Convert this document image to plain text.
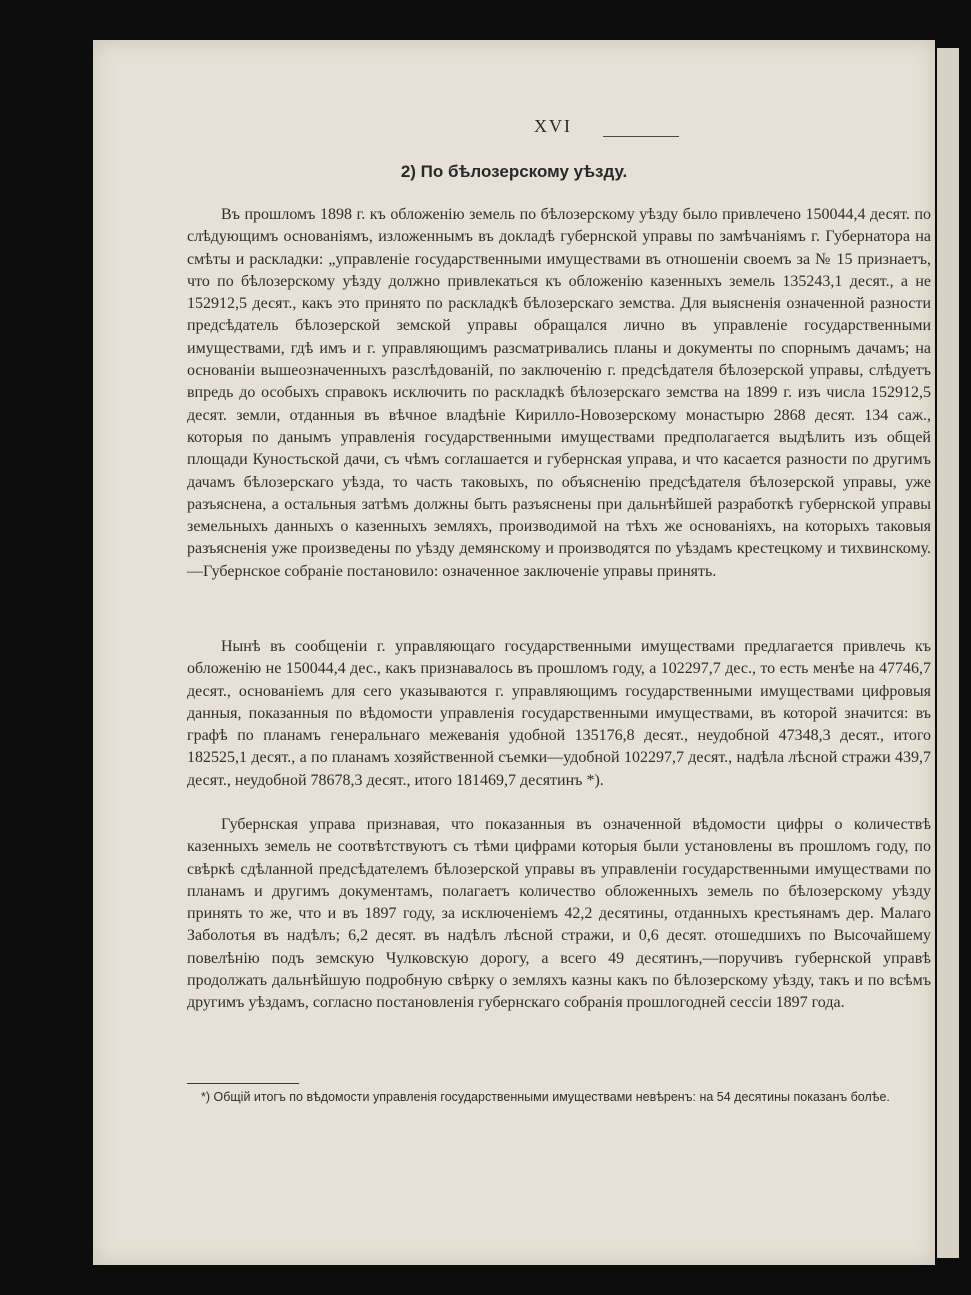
XVI
2) По бѣлозерскому уѣзду.

Въ прошломъ 1898 г. къ обложенію земель по бѣлозерскому уѣзду было привлечено 150044,4 десят. по слѣдующимъ основаніямъ, изложеннымъ въ докладѣ губернской управы по замѣчаніямъ г. Губернатора на смѣты и раскладки: „управленіе государственными имуществами въ отношеніи своемъ за № 15 признаетъ, что по бѣлозерскому уѣзду должно привлекаться къ обложенію казенныхъ земель 135243,1 десят., а не 152912,5 десят., какъ это принято по раскладкѣ бѣлозерскаго земства. Для выясненія означенной разности предсѣдатель бѣлозерской земской управы обращался лично въ управленіе государственными имуществами, гдѣ имъ и г. управляющимъ разсматривались планы и документы по спорнымъ дачамъ; на основаніи вышеозначенныхъ разслѣдованій, по заключенію г. предсѣдателя бѣлозерской управы, слѣдуетъ впредь до особыхъ справокъ исключить по раскладкѣ бѣлозерскаго земства на 1899 г. изъ числа 152912,5 десят. земли, отданныя въ вѣчное владѣніе Кирилло-Новозерскому монастырю 2868 десят. 134 саж., которыя по данымъ управленія государственными имуществами предполагается выдѣлить изъ общей площади Куностьской дачи, съ чѣмъ соглашается и губернская управа, и что касается разности по другимъ дачамъ бѣлозерскаго уѣзда, то часть таковыхъ, по объясненію предсѣдателя бѣлозерской управы, уже разъяснена, а остальныя затѣмъ должны быть разъяснены при дальнѣйшей разработкѣ губернской управы земельныхъ данныхъ о казенныхъ земляхъ, производимой на тѣхъ же основаніяхъ, на которыхъ таковыя разъясненія уже произведены по уѣзду демянскому и производятся по уѣздамъ крестецкому и тихвинскому.—Губернское собраніе постановило: означенное заключеніе управы принять.

Нынѣ въ сообщеніи г. управляющаго государственными имуществами предлагается привлечь къ обложенію не 150044,4 дес., какъ признавалось въ прошломъ году, а 102297,7 дес., то есть менѣе на 47746,7 десят., основаніемъ для сего указываются г. управляющимъ государственными имуществами цифровыя данныя, показанныя по вѣдомости управленія государственными имуществами, въ которой значится: въ графѣ по планамъ генеральнаго межеванія удобной 135176,8 десят., неудобной 47348,3 десят., итого 182525,1 десят., а по планамъ хозяйственной съемки—удобной 102297,7 десят., надѣла лѣсной стражи 439,7 десят., неудобной 78678,3 десят., итого 181469,7 десятинъ *).

Губернская управа признавая, что показанныя въ означенной вѣдомости цифры о количествѣ казенныхъ земель не соотвѣтствуютъ съ тѣми цифрами которыя были установлены въ прошломъ году, по свѣркѣ сдѣланной предсѣдателемъ бѣлозерской управы въ управленіи государственными имуществами по планамъ и другимъ документамъ, полагаетъ количество обложенныхъ земель по бѣлозерскому уѣзду принять то же, что и въ 1897 году, за исключеніемъ 42,2 десятины, отданныхъ крестьянамъ дер. Малаго Заболотья въ надѣлъ; 6,2 десят. въ надѣлъ лѣсной стражи, и 0,6 десят. отошедшихъ по Высочайшему повелѣнію подъ земскую Чулковскую дорогу, а всего 49 десятинъ,—поручивъ губернской управѣ продолжать дальнѣйшую подробную свѣрку о земляхъ казны какъ по бѣлозерскому уѣзду, такъ и по всѣмъ другимъ уѣздамъ, согласно постановленія губернскаго собранія прошлогодней сессіи 1897 года.

*) Общій итогъ по вѣдомости управленія государственными имуществами невѣренъ: на 54 десятины показанъ болѣе.
